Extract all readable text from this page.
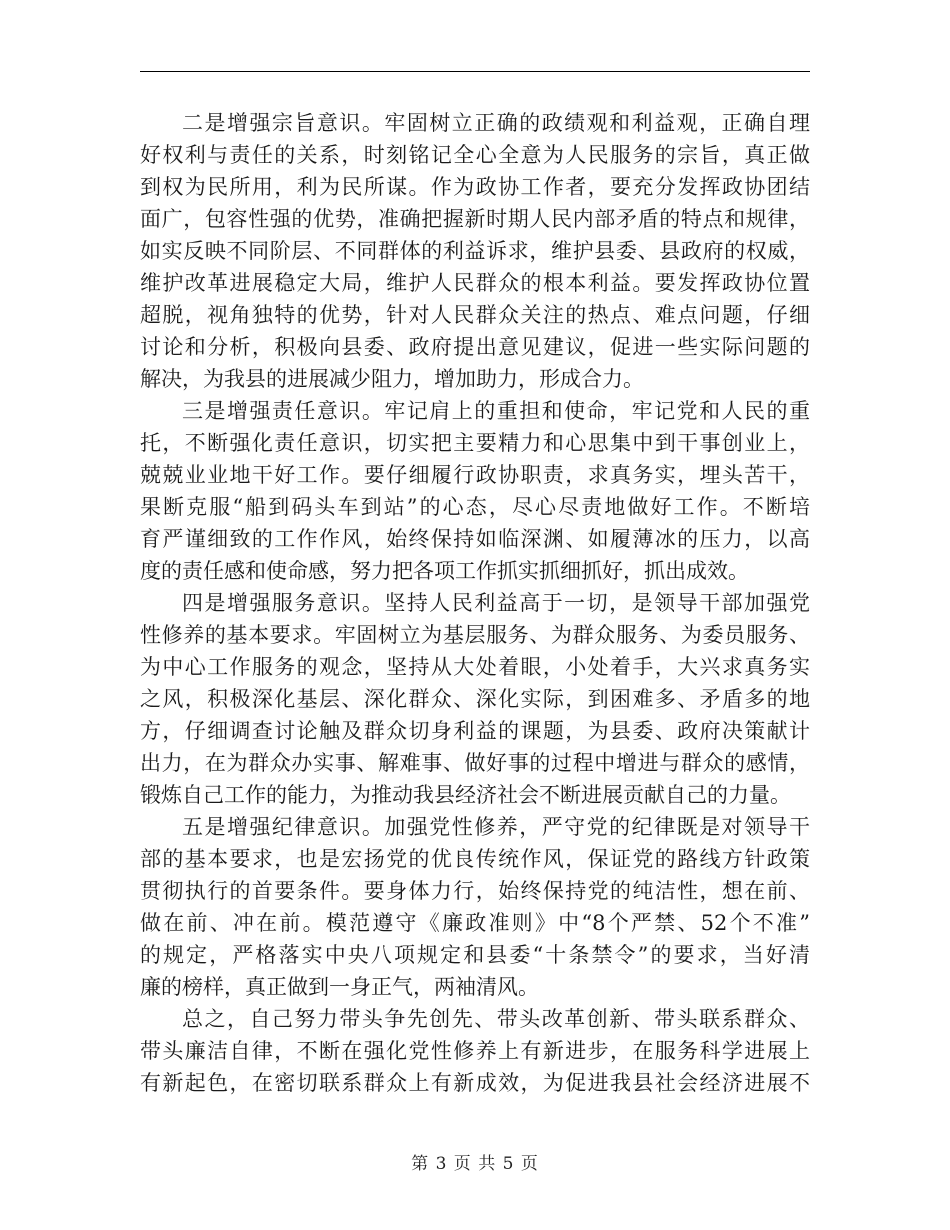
二是增强宗旨意识。牢固树立正确的政绩观和利益观，正确自理
好权利与责任的关系，时刻铭记全心全意为人民服务的宗旨，真正做
到权为民所用，利为民所谋。作为政协工作者，要充分发挥政协团结
面广，包容性强的优势，准确把握新时期人民内部矛盾的特点和规律，
如实反映不同阶层、不同群体的利益诉求，维护县委、县政府的权威，
维护改革进展稳定大局，维护人民群众的根本利益。要发挥政协位置
超脱，视角独特的优势，针对人民群众关注的热点、难点问题，仔细
讨论和分析，积极向县委、政府提出意见建议，促进一些实际问题的
解决，为我县的进展减少阻力，增加助力，形成合力。
三是增强责任意识。牢记肩上的重担和使命，牢记党和人民的重
托，不断强化责任意识，切实把主要精力和心思集中到干事创业上，
兢兢业业地干好工作。要仔细履行政协职责，求真务实，埋头苦干，
果断克服“船到码头车到站”的心态，尽心尽责地做好工作。不断培
育严谨细致的工作作风，始终保持如临深渊、如履薄冰的压力，以高
度的责任感和使命感，努力把各项工作抓实抓细抓好，抓出成效。
四是增强服务意识。坚持人民利益高于一切，是领导干部加强党
性修养的基本要求。牢固树立为基层服务、为群众服务、为委员服务、
为中心工作服务的观念，坚持从大处着眼，小处着手，大兴求真务实
之风，积极深化基层、深化群众、深化实际，到困难多、矛盾多的地
方，仔细调查讨论触及群众切身利益的课题，为县委、政府决策献计
出力，在为群众办实事、解难事、做好事的过程中增进与群众的感情，
锻炼自己工作的能力，为推动我县经济社会不断进展贡献自己的力量。
五是增强纪律意识。加强党性修养，严守党的纪律既是对领导干
部的基本要求，也是宏扬党的优良传统作风，保证党的路线方针政策
贯彻执行的首要条件。要身体力行，始终保持党的纯洁性，想在前、
做在前、冲在前。模范遵守《廉政准则》中“8个严禁、52个不准”
的规定，严格落实中央八项规定和县委“十条禁令”的要求，当好清
廉的榜样，真正做到一身正气，两袖清风。
总之，自己努力带头争先创先、带头改革创新、带头联系群众、
带头廉洁自律，不断在强化党性修养上有新进步，在服务科学进展上
有新起色，在密切联系群众上有新成效，为促进我县社会经济进展不
第 3 页 共 5 页
